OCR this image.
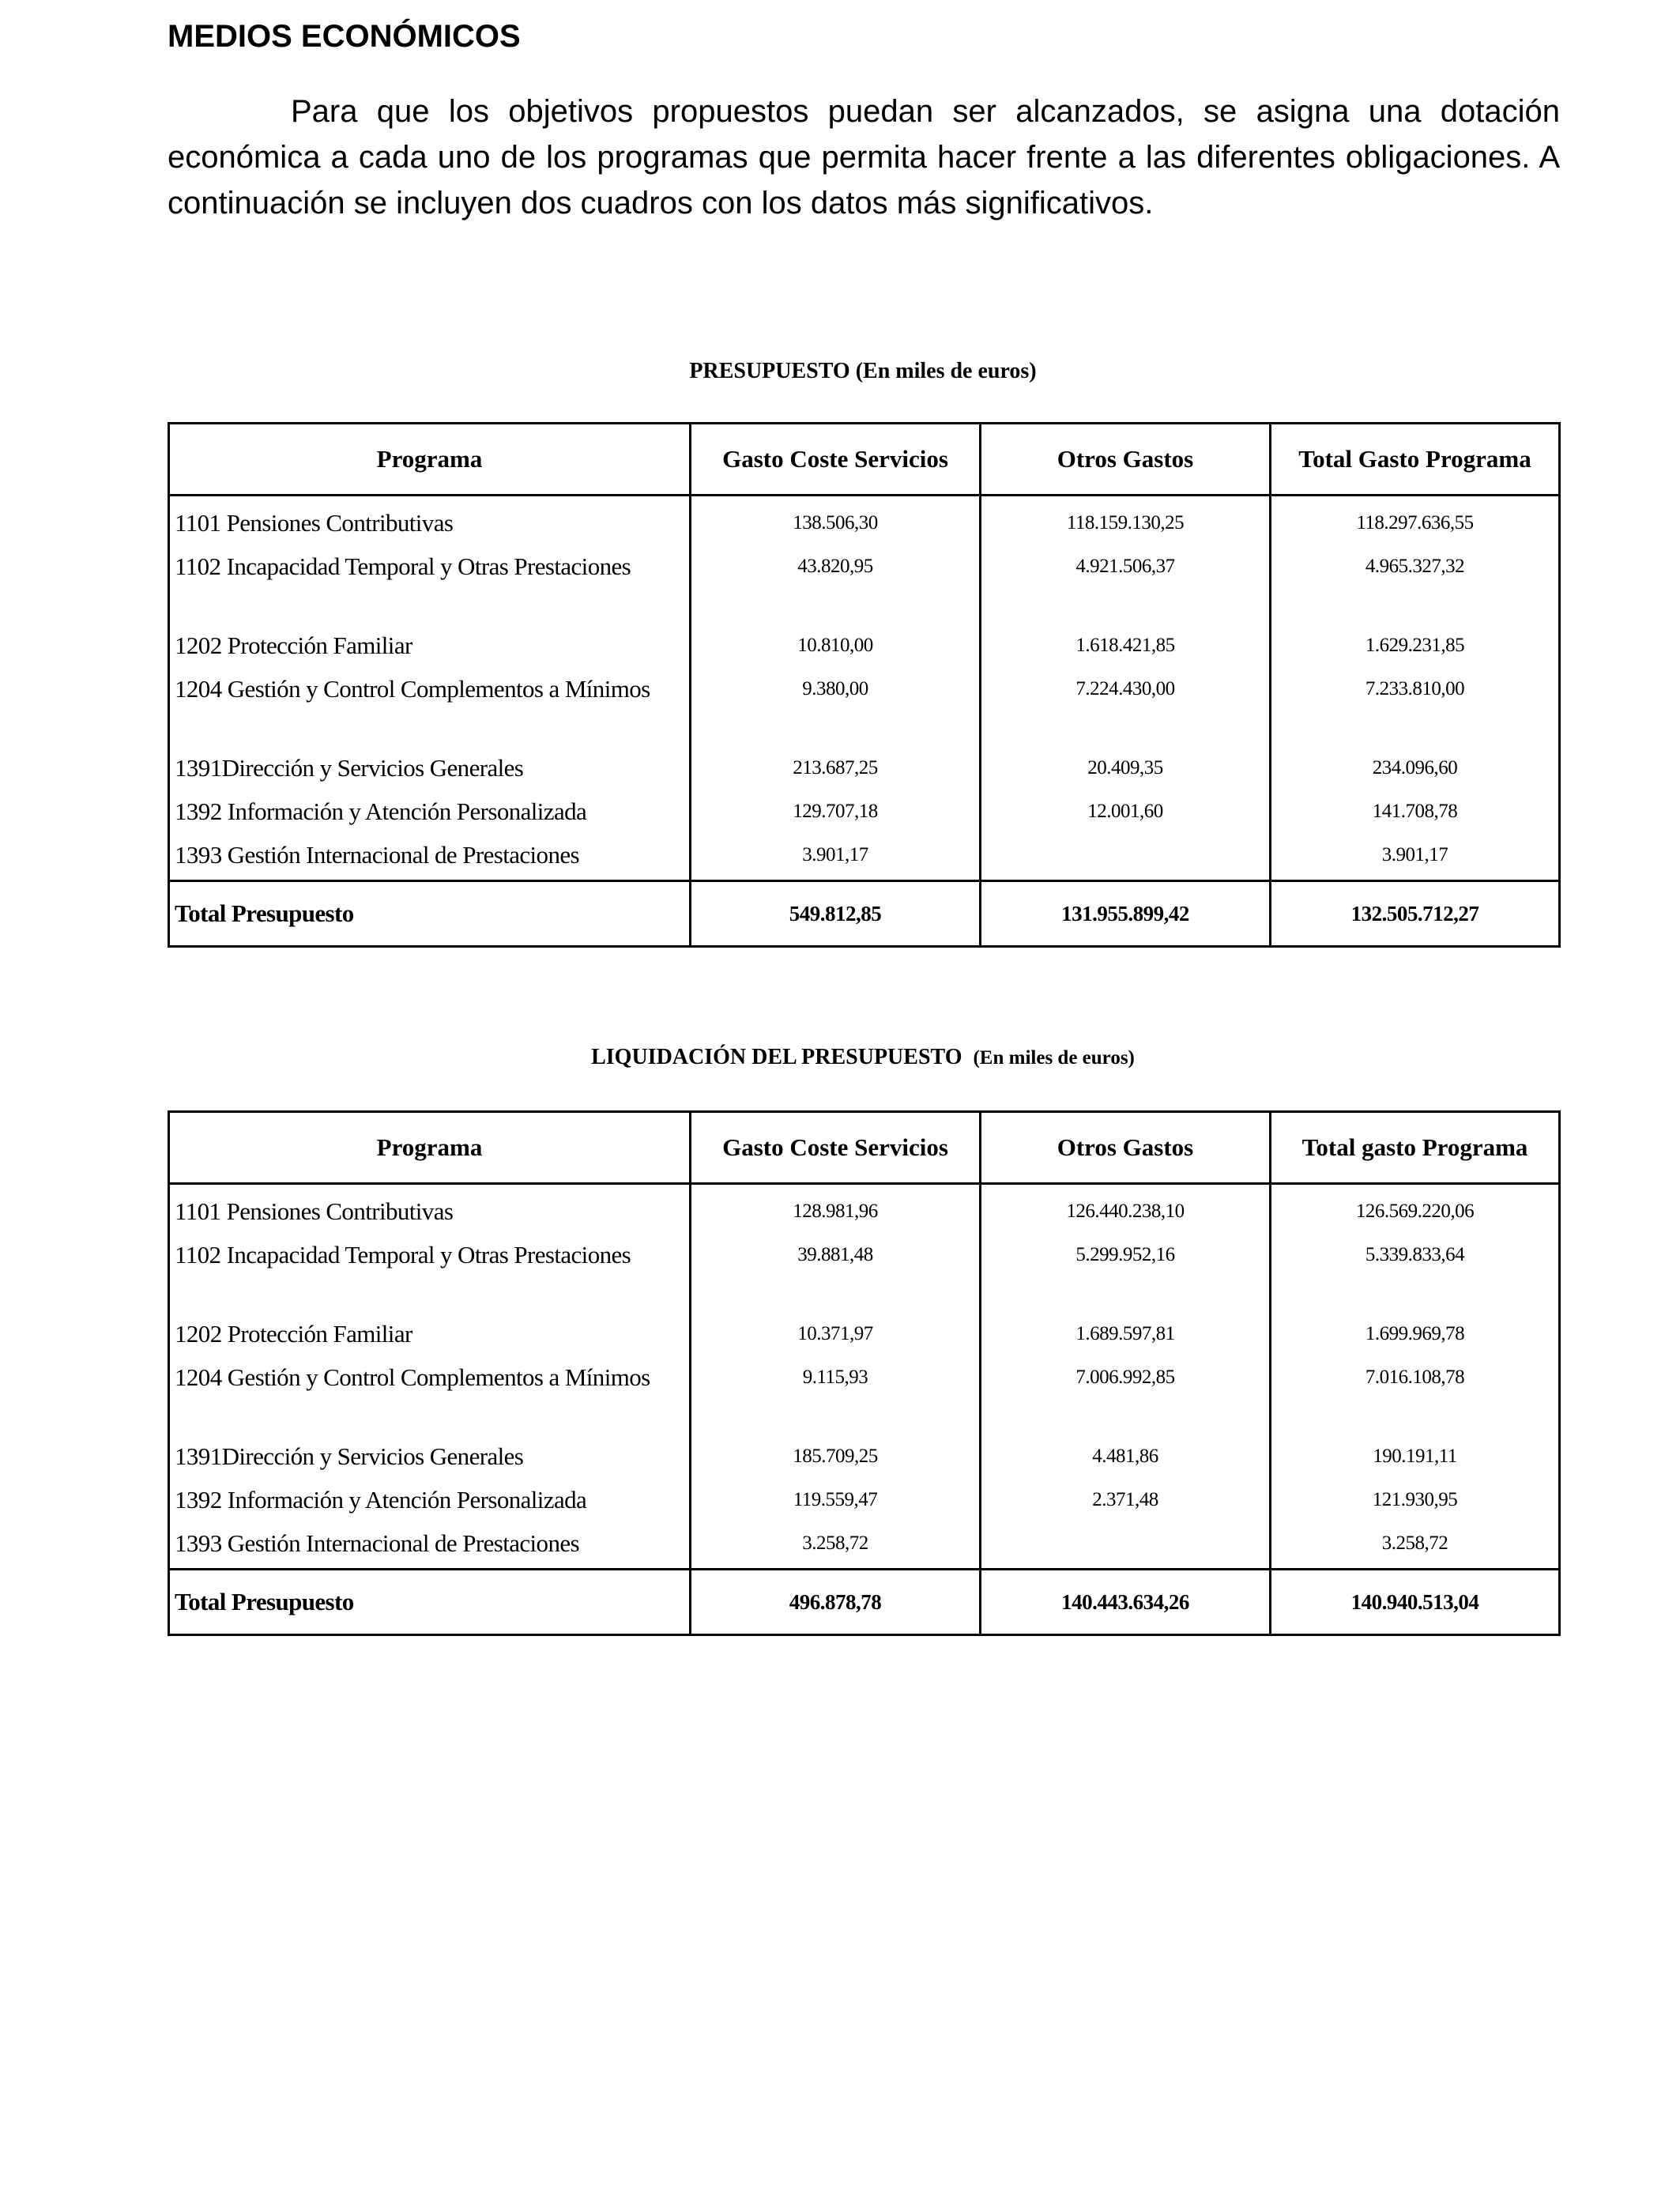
MEDIOS ECONÓMICOS

Para que los objetivos propuestos puedan ser alcanzados, se asigna una dotación económica a cada uno de los programas que permita hacer frente a las diferentes obligaciones. A continuación se incluyen dos cuadros con los datos más significativos.

PRESUPUESTO (En miles de euros)
Programa	Gasto Coste Servicios	Otros Gastos	Total Gasto Programa
1101 Pensiones Contributivas	138.506,30	118.159.130,25	118.297.636,55
1102 Incapacidad Temporal y Otras Prestaciones	43.820,95	4.921.506,37	4.965.327,32

1202 Protección Familiar	10.810,00	1.618.421,85	1.629.231,85
1204 Gestión y Control Complementos a Mínimos	9.380,00	7.224.430,00	7.233.810,00

1391Dirección y Servicios Generales	213.687,25	20.409,35	234.096,60
1392 Información y Atención Personalizada	129.707,18	12.001,60	141.708,78
1393 Gestión Internacional de Prestaciones	3.901,17		3.901,17
Total Presupuesto	549.812,85	131.955.899,42	132.505.712,27
LIQUIDACIÓN DEL PRESUPUESTO (En miles de euros)
Programa	Gasto Coste Servicios	Otros Gastos	Total gasto Programa
1101 Pensiones Contributivas	128.981,96	126.440.238,10	126.569.220,06
1102 Incapacidad Temporal y Otras Prestaciones	39.881,48	5.299.952,16	5.339.833,64

1202 Protección Familiar	10.371,97	1.689.597,81	1.699.969,78
1204 Gestión y Control Complementos a Mínimos	9.115,93	7.006.992,85	7.016.108,78

1391Dirección y Servicios Generales	185.709,25	4.481,86	190.191,11
1392 Información y Atención Personalizada	119.559,47	2.371,48	121.930,95
1393 Gestión Internacional de Prestaciones	3.258,72		3.258,72
Total Presupuesto	496.878,78	140.443.634,26	140.940.513,04
